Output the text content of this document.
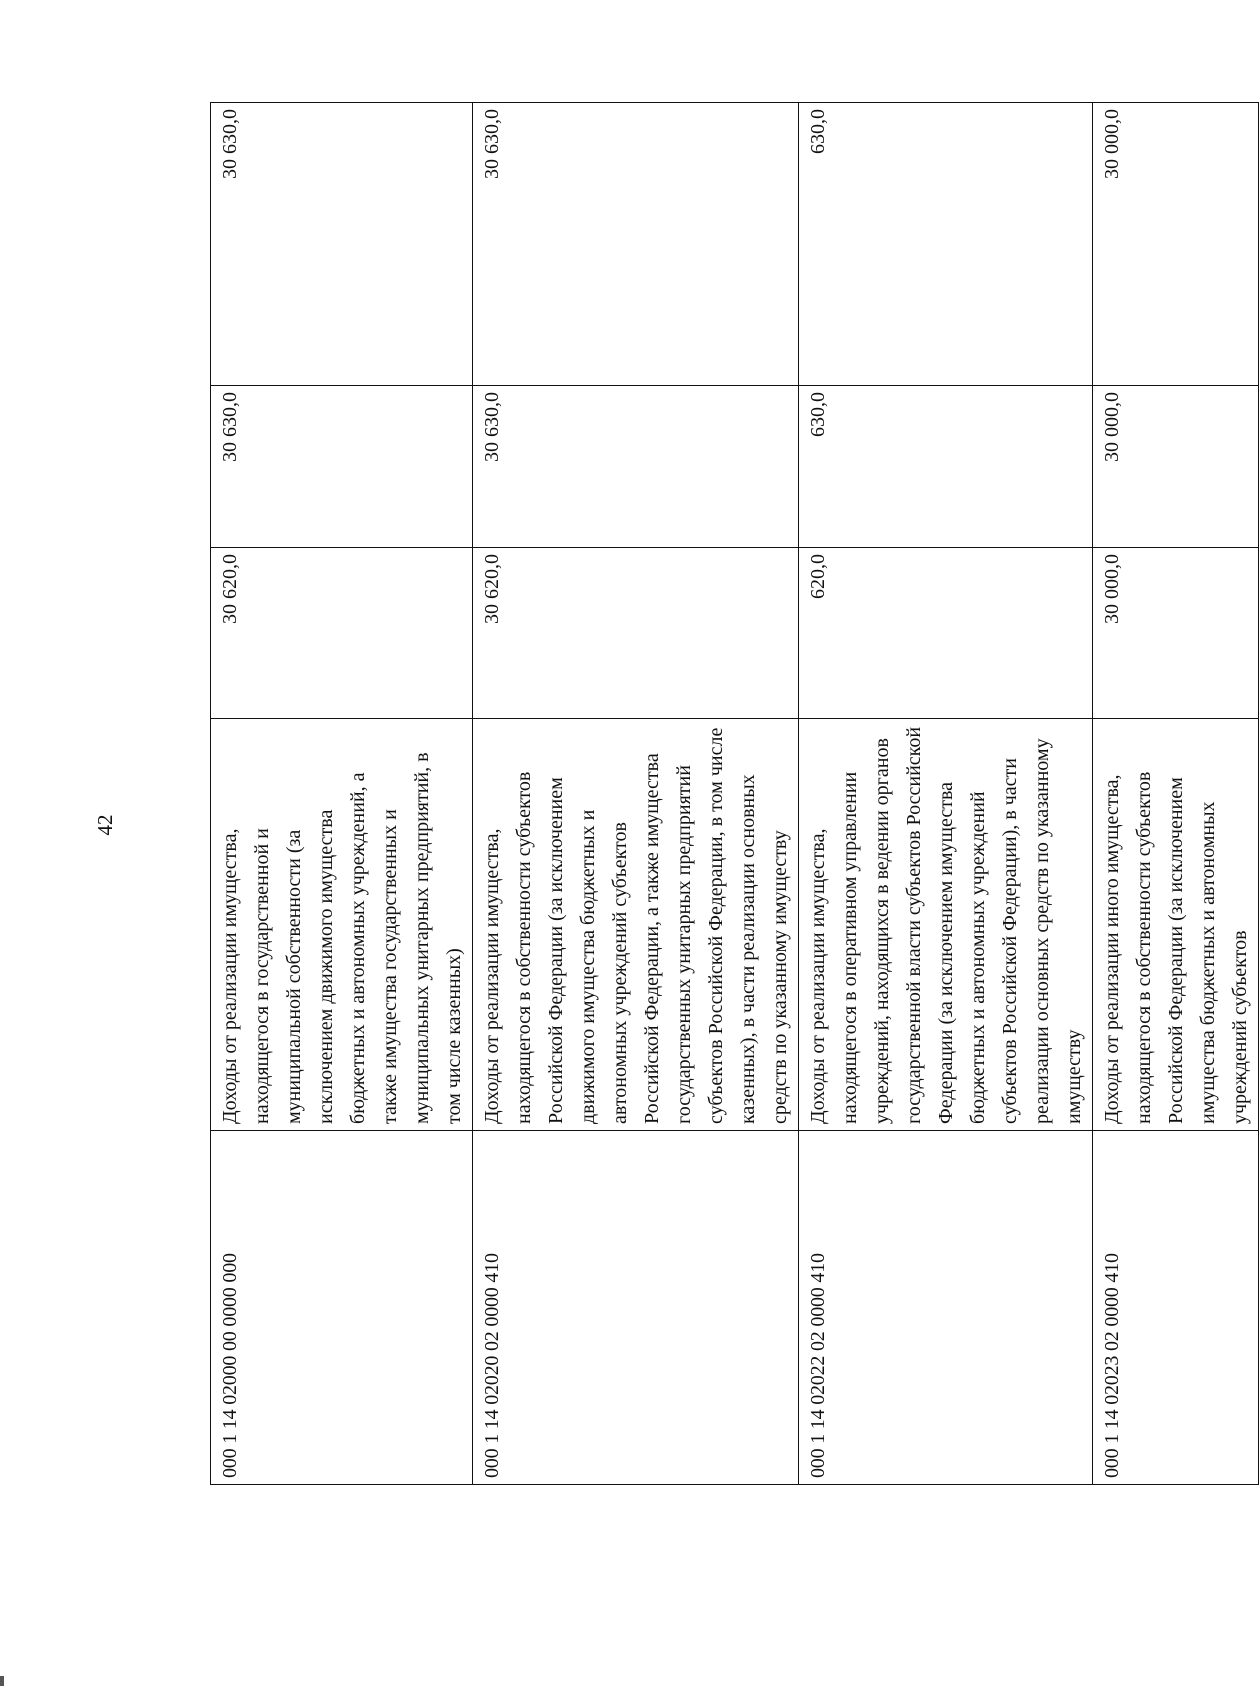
42
000 1 14 02000 00 0000 000	Доходы от реализации имущества, находящегося в государственной и муниципальной собственности (за исключением движимого имущества бюджетных и автономных учреждений, а также имущества государственных и муниципальных унитарных предприятий, в том числе казенных)	30 620,0	30 630,0	30 630,0
000 1 14 02020 02 0000 410	Доходы от реализации имущества, находящегося в собственности субъектов Российской Федерации (за исключением движимого имущества бюджетных и автономных учреждений субъектов Российской Федерации, а также имущества государственных унитарных предприятий субъектов Российской Федерации, в том числе казенных), в части реализации основных средств по указанному имуществу	30 620,0	30 630,0	30 630,0
000 1 14 02022 02 0000 410	Доходы от реализации имущества, находящегося в оперативном управлении учреждений, находящихся в ведении органов государственной власти субъектов Российской Федерации (за исключением имущества бюджетных и автономных учреждений субъектов Российской Федерации), в части реализации основных средств по указанному имуществу	620,0	630,0	630,0
000 1 14 02023 02 0000 410	Доходы от реализации иного имущества, находящегося в собственности субъектов Российской Федерации (за исключением имущества бюджетных и автономных учреждений субъектов	30 000,0	30 000,0	30 000,0
